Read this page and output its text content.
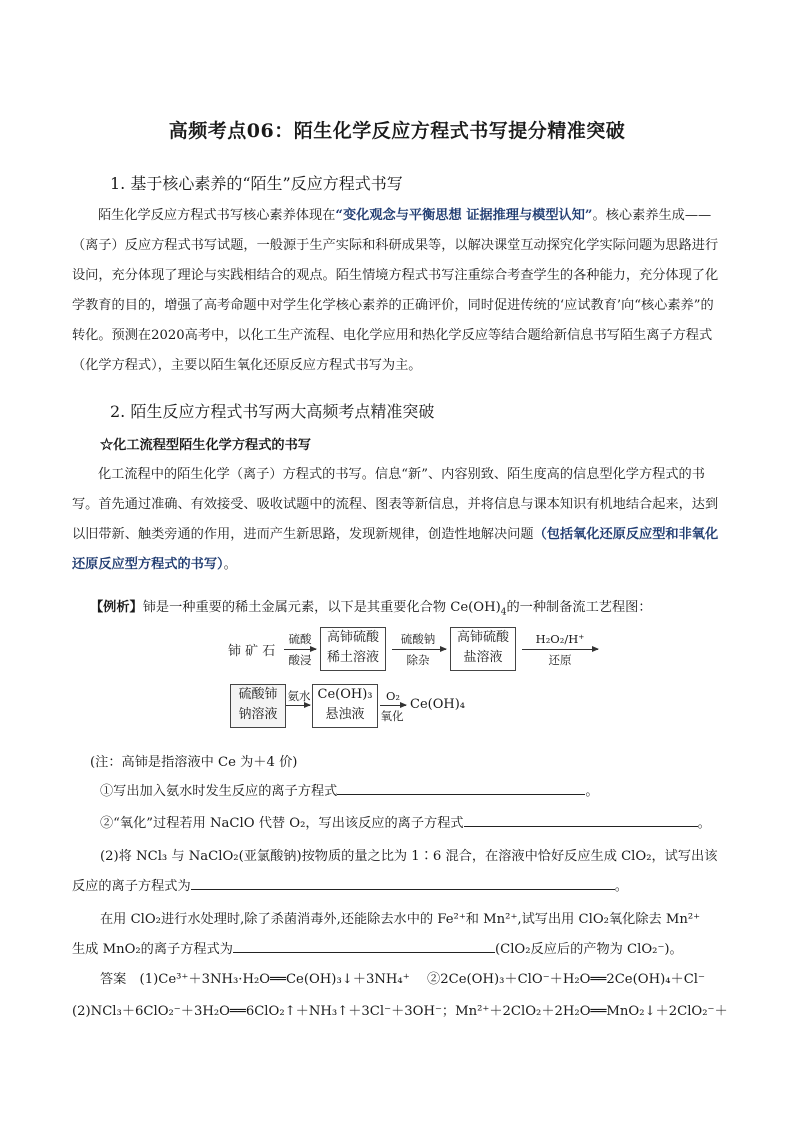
高频考点06：陌生化学反应方程式书写提分精准突破
1. 基于核心素养的“陌生”反应方程式书写
陌生化学反应方程式书写核心素养体现在“变化观念与平衡思想 证据推理与模型认知”。核心素养生成——（离子）反应方程式书写试题，一般源于生产实际和科研成果等，以解决课堂互动探究化学实际问题为思路进行设问，充分体现了理论与实践相结合的观点。陌生情境方程式书写注重综合考查学生的各种能力，充分体现了化学教育的目的，增强了高考命题中对学生化学核心素养的正确评价，同时促进传统的‘应试教育’向“核心素养”的 转化。预测在2020高考中，以化工生产流程、电化学应用和热化学反应等结合题给新信息书写陌生离子方程式（化学方程式），主要以陌生氧化还原反应方程式书写为主。
2. 陌生反应方程式书写两大高频考点精准突破
☆化工流程型陌生化学方程式的书写
化工流程中的陌生化学（离子）方程式的书写。信息“新”、内容别致、陌生度高的信息型化学方程式的书写。首先通过准确、有效接受、吸收试题中的流程、图表等新信息，并将信息与课本知识有机地结合起来，达到以旧带新、触类旁通的作用，进而产生新思路，发现新规律，创造性地解决问题（包括氧化还原反应型和非氧化还原反应型方程式的书写）。
【例析】铈是一种重要的稀土金属元素，以下是其重要化合物 $Ce(OH)_4$的一种制备流工艺程图：
铈 矿 石
硫酸
酸浸
高铈硫酸
稀土溶液
硫酸钠
除杂
高铈硫酸
盐溶液
H₂O₂/H⁺
还原
硫酸铈
钠溶液
氨水 Ce(OH)₃
悬浊液
O₂
氧化
Ce(OH)₄
(注：高铈是指溶液中 Ce 为＋4 价)
①写出加入氨水时发生反应的离子方程式	。
②“氧化”过程若用 NaClO 代替 O₂，写出该反应的离子方程式	。
(2)将 NCl₃ 与 NaClO₂(亚氯酸钠)按物质的量之比为 1∶6 混合，在溶液中恰好反应生成 ClO₂，试写出该
反应的离子方程式为	。
在用 ClO₂进行水处理时,除了杀菌消毒外,还能除去水中的 Fe²⁺和 Mn²⁺,试写出用 ClO₂氧化除去 Mn²⁺
生成 MnO₂的离子方程式为	(ClO₂反应后的产物为 ClO₂⁻)。
答案　(1)Ce³⁺＋3NH₃·H₂O══Ce(OH)₃↓＋3NH₄⁺　 ②2Ce(OH)₃＋ClO⁻＋H₂O══2Ce(OH)₄＋Cl⁻
(2)NCl₃＋6ClO₂⁻＋3H₂O══6ClO₂↑＋NH₃↑＋3Cl⁻＋3OH⁻；Mn²⁺＋2ClO₂＋2H₂O══MnO₂↓＋2ClO₂⁻＋
